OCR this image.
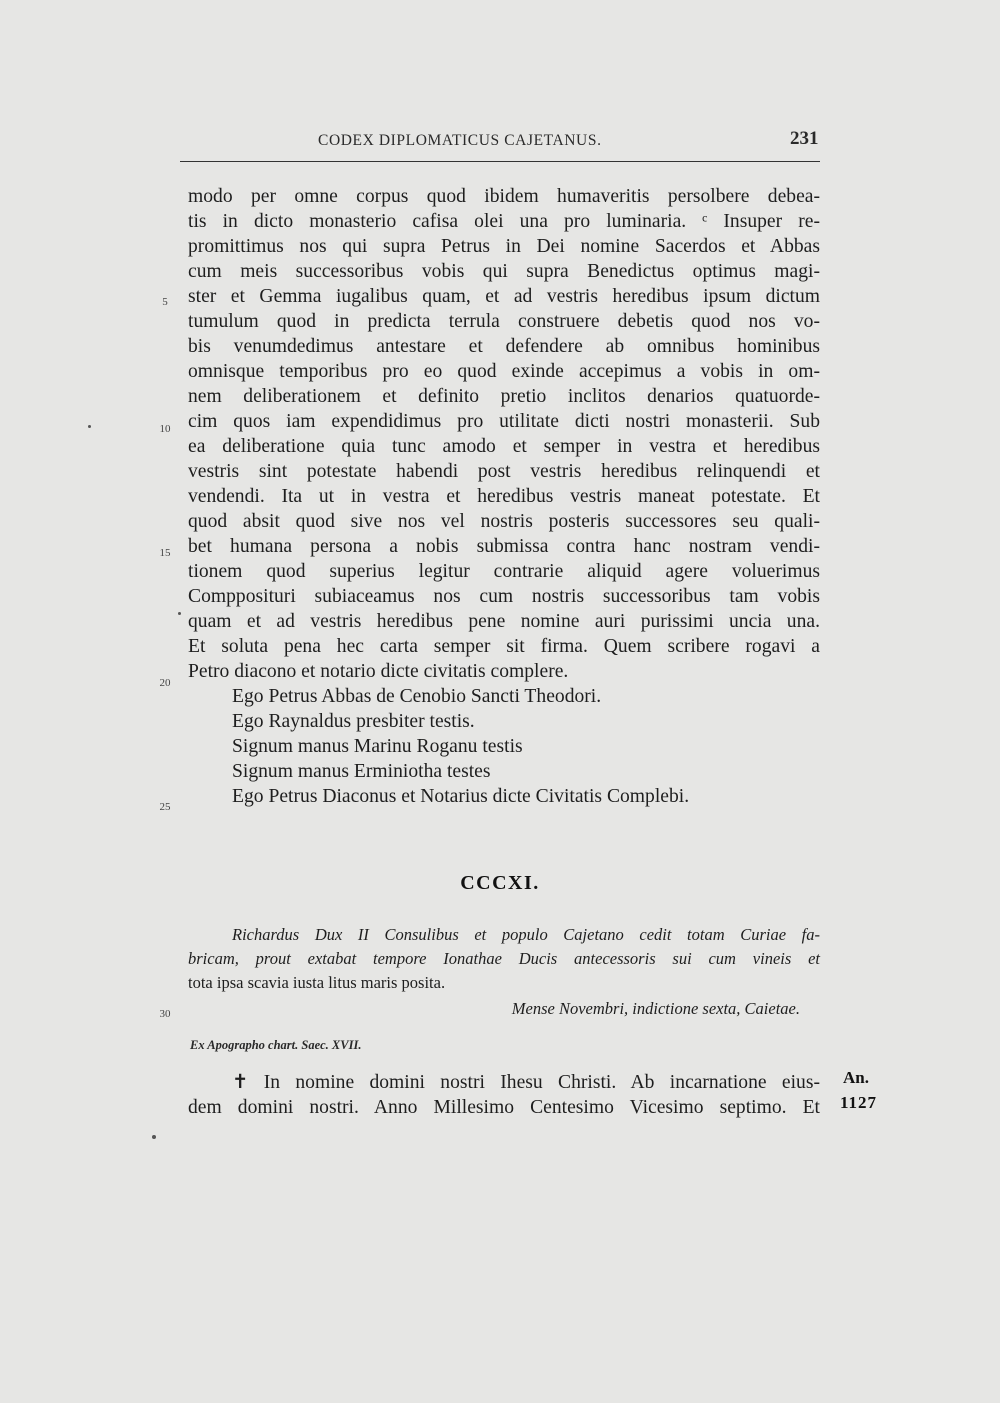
CODEX DIPLOMATICUS CAJETANUS.	231
modo per omne corpus quod ibidem humaveritis persolbere debea-
tis in dicto monasterio cafisa olei una pro luminaria. ᶜ Insuper re-
promittimus nos qui supra Petrus in Dei nomine Sacerdos et Abbas
cum meis successoribus vobis qui supra Benedictus optimus magi-
ster et Gemma iugalibus quam, et ad vestris heredibus ipsum dictum
tumulum quod in predicta terrula construere debetis quod nos vo-
bis venumdedimus antestare et defendere ab omnibus hominibus
omnisque temporibus pro eo quod exinde accepimus a vobis in om-
nem deliberationem et definito pretio inclitos denarios quatuorde-
cim quos iam expendidimus pro utilitate dicti nostri monasterii. Sub
ea deliberatione quia tunc amodo et semper in vestra et heredibus
vestris sint potestate habendi post vestris heredibus relinquendi et
vendendi. Ita ut in vestra et heredibus vestris maneat potestate. Et
quod absit quod sive nos vel nostris posteris successores seu quali-
bet humana persona a nobis submissa contra hanc nostram vendi-
tionem quod superius legitur contrarie aliquid agere voluerimus
Compposituri subiaceamus nos cum nostris successoribus tam vobis
quam et ad vestris heredibus pene nomine auri purissimi uncia una.
Et soluta pena hec carta semper sit firma. Quem scribere rogavi a
Petro diacono et notario dicte civitatis complere.
Ego Petrus Abbas de Cenobio Sancti Theodori.
Ego Raynaldus presbiter testis.
Signum manus Marinu Roganu testis
Signum manus Erminiotha testes
Ego Petrus Diaconus et Notarius dicte Civitatis Complebi.
5
10
15
20
25
30
CCCXI.
Richardus Dux II Consulibus et populo Cajetano cedit totam Curiae fa-
bricam, prout extabat tempore Ionathae Ducis antecessoris sui cum vineis et
tota ipsa scavia iusta litus maris posita.
Mense Novembri, indictione sexta, Caietae.
Ex Apographo chart. Saec. XVII.
✝ In nomine domini nostri Ihesu Christi. Ab incarnatione eius-
dem domini nostri. Anno Millesimo Centesimo Vicesimo septimo. Et
An.
1127
